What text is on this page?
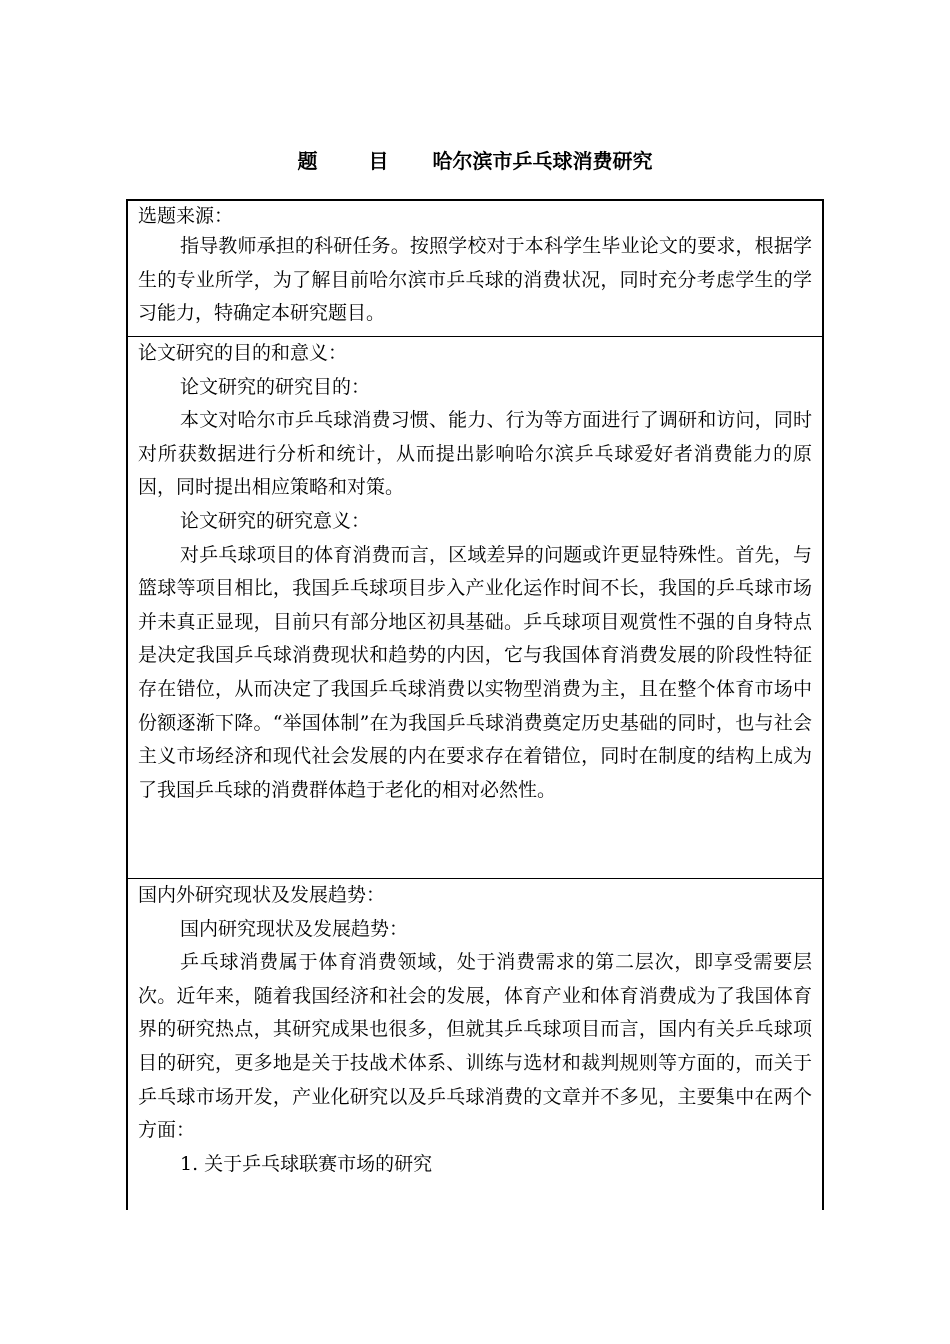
题 目 哈尔滨市乒乓球消费研究
选题来源：
指导教师承担的科研任务。按照学校对于本科学生毕业论文的要求，根据学生的专业所学，为了解目前哈尔滨市乒乓球的消费状况，同时充分考虑学生的学习能力，特确定本研究题目。
论文研究的目的和意义：
论文研究的研究目的：
本文对哈尔市乒乓球消费习惯、能力、行为等方面进行了调研和访问，同时对所获数据进行分析和统计，从而提出影响哈尔滨乒乓球爱好者消费能力的原因，同时提出相应策略和对策。
论文研究的研究意义：
对乒乓球项目的体育消费而言，区域差异的问题或许更显特殊性。首先，与篮球等项目相比，我国乒乓球项目步入产业化运作时间不长，我国的乒乓球市场并未真正显现，目前只有部分地区初具基础。乒乓球项目观赏性不强的自身特点是决定我国乒乓球消费现状和趋势的内因，它与我国体育消费发展的阶段性特征存在错位，从而决定了我国乒乓球消费以实物型消费为主，且在整个体育市场中份额逐渐下降。“举国体制”在为我国乒乓球消费奠定历史基础的同时，也与社会主义市场经济和现代社会发展的内在要求存在着错位，同时在制度的结构上成为了我国乒乓球的消费群体趋于老化的相对必然性。
国内外研究现状及发展趋势：
国内研究现状及发展趋势：
乒乓球消费属于体育消费领域，处于消费需求的第二层次，即享受需要层次。近年来，随着我国经济和社会的发展，体育产业和体育消费成为了我国体育界的研究热点，其研究成果也很多，但就其乒乓球项目而言，国内有关乒乓球项目的研究，更多地是关于技战术体系、训练与选材和裁判规则等方面的，而关于乒乓球市场开发，产业化研究以及乒乓球消费的文章并不多见，主要集中在两个方面：
1. 关于乒乓球联赛市场的研究
